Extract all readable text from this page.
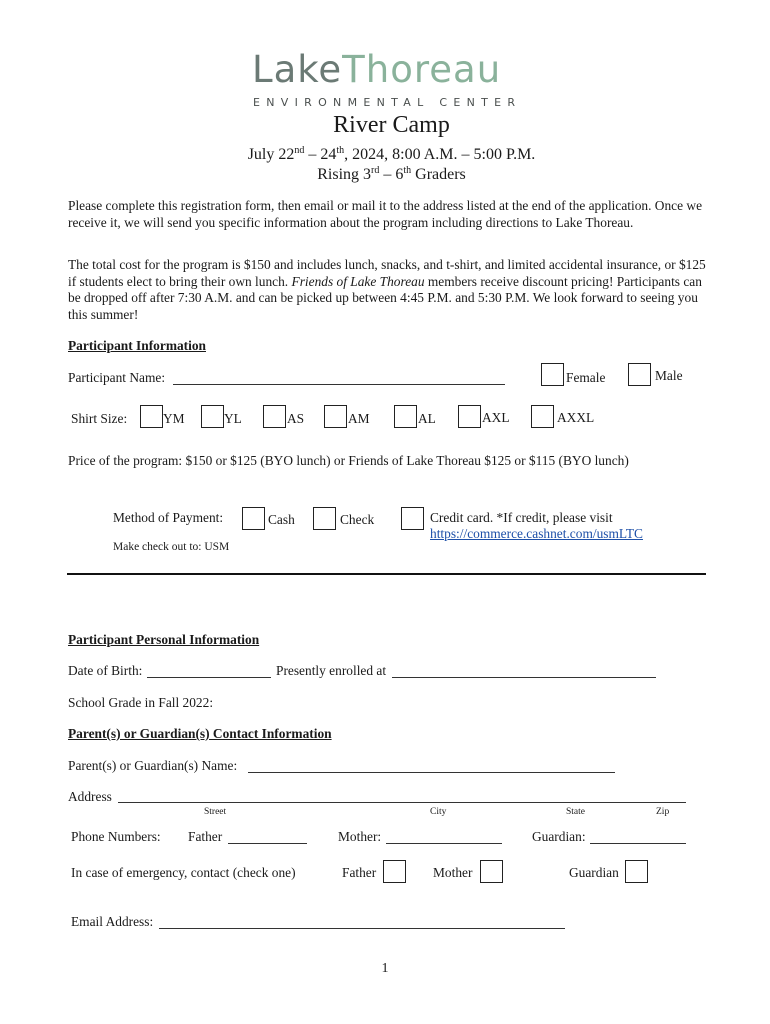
LakeThoreau
ENVIRONMENTAL CENTER
River Camp
July 22nd – 24th, 2024, 8:00 A.M. – 5:00 P.M.
Rising 3rd – 6th Graders
Please complete this registration form, then email or mail it to the address listed at the end of the application. Once we receive it, we will send you specific information about the program including directions to Lake Thoreau.
The total cost for the program is $150 and includes lunch, snacks, and t-shirt, and limited accidental insurance, or $125 if students elect to bring their own lunch. Friends of Lake Thoreau members receive discount pricing! Participants can be dropped off after 7:30 A.M. and can be picked up between 4:45 P.M. and 5:30 P.M. We look forward to seeing you this summer!
Participant Information
Participant Name:	Female	Male
Shirt Size:	YM	YL	AS	AM	AL	AXL	AXXL
Price of the program: $150 or $125 (BYO lunch) or Friends of Lake Thoreau $125 or $115 (BYO lunch)
Method of Payment:	Cash	Check	Credit card. *If credit, please visit
https://commerce.cashnet.com/usmLTC
Make check out to: USM
Participant Personal Information
Date of Birth:	Presently enrolled at
School Grade in Fall 2022:
Parent(s) or Guardian(s) Contact Information
Parent(s) or Guardian(s) Name:
Address
Street	City	State	Zip
Phone Numbers: Father	Mother:	Guardian:
In case of emergency, contact (check one)	Father	Mother	Guardian
Email Address:
1
